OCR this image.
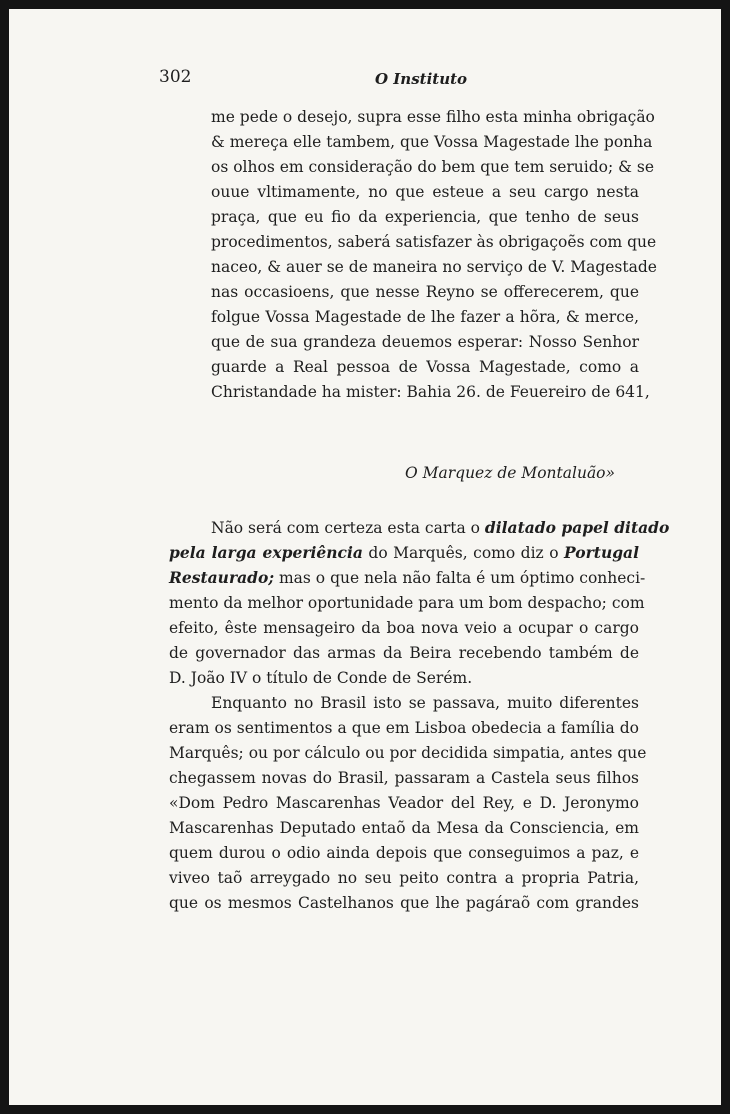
302	O Instituto
me pede o desejo, supra esse filho esta minha obrigação
& mereça elle tambem, que Vossa Magestade lhe ponha
os olhos em consideração do bem que tem seruido; & se
ouue vltimamente, no que esteue a seu cargo nesta
praça, que eu fio da experiencia, que tenho de seus
procedimentos, saberá satisfazer às obrigaçoẽs com que
naceo, & auer se de maneira no serviço de V. Magestade
nas occasioens, que nesse Reyno se offerecerem, que
folgue Vossa Magestade de lhe fazer a hõra, & merce,
que de sua grandeza deuemos esperar: Nosso Senhor
guarde a Real pessoa de Vossa Magestade, como a
Christandade ha mister: Bahia 26. de Feuereiro de 641,
O Marquez de Montaluão»
Não será com certeza esta carta o dilatado papel ditado
pela larga experiência do Marquês, como diz o Portugal
Restaurado; mas o que nela não falta é um óptimo conheci-
mento da melhor oportunidade para um bom despacho; com
efeito, êste mensageiro da boa nova veio a ocupar o cargo
de governador das armas da Beira recebendo também de
D. João IV o título de Conde de Serém.
Enquanto no Brasil isto se passava, muito diferentes
eram os sentimentos a que em Lisboa obedecia a família do
Marquês; ou por cálculo ou por decidida simpatia, antes que
chegassem novas do Brasil, passaram a Castela seus filhos
«Dom Pedro Mascarenhas Veador del Rey, e D. Jeronymo
Mascarenhas Deputado entaõ da Mesa da Consciencia, em
quem durou o odio ainda depois que conseguimos a paz, e
viveo taõ arreygado no seu peito contra a propria Patria,
que os mesmos Castelhanos que lhe pagáraõ com grandes
